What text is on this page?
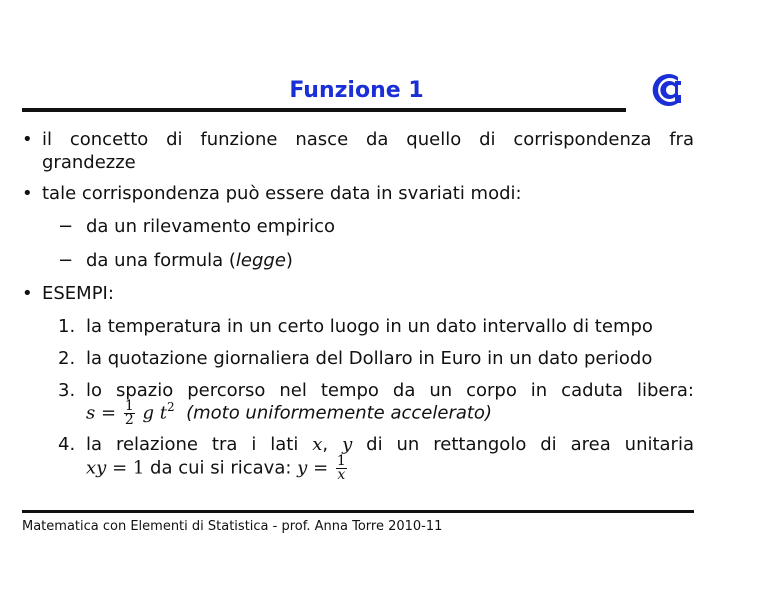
Funzione 1
• il concetto di funzione nasce da quello di corrispondenza fra
grandezze
• tale corrispondenza può essere data in svariati modi:
− da un rilevamento empirico
− da una formula (legge)
• ESEMPI:
1. la temperatura in un certo luogo in un dato intervallo di tempo
2. la quotazione giornaliera del Dollaro in Euro in un dato periodo
3. lo spazio percorso nel tempo da un corpo in caduta libera:
$s = \frac{1}{2}$ g $t^2$ (moto uniformemente accelerato)
4. la relazione tra i lati x, y di un rettangolo di area unitaria
xy = 1 da cui si ricava: $y = \frac{1}{x}$
Matematica con Elementi di Statistica - prof. Anna Torre 2010-11
